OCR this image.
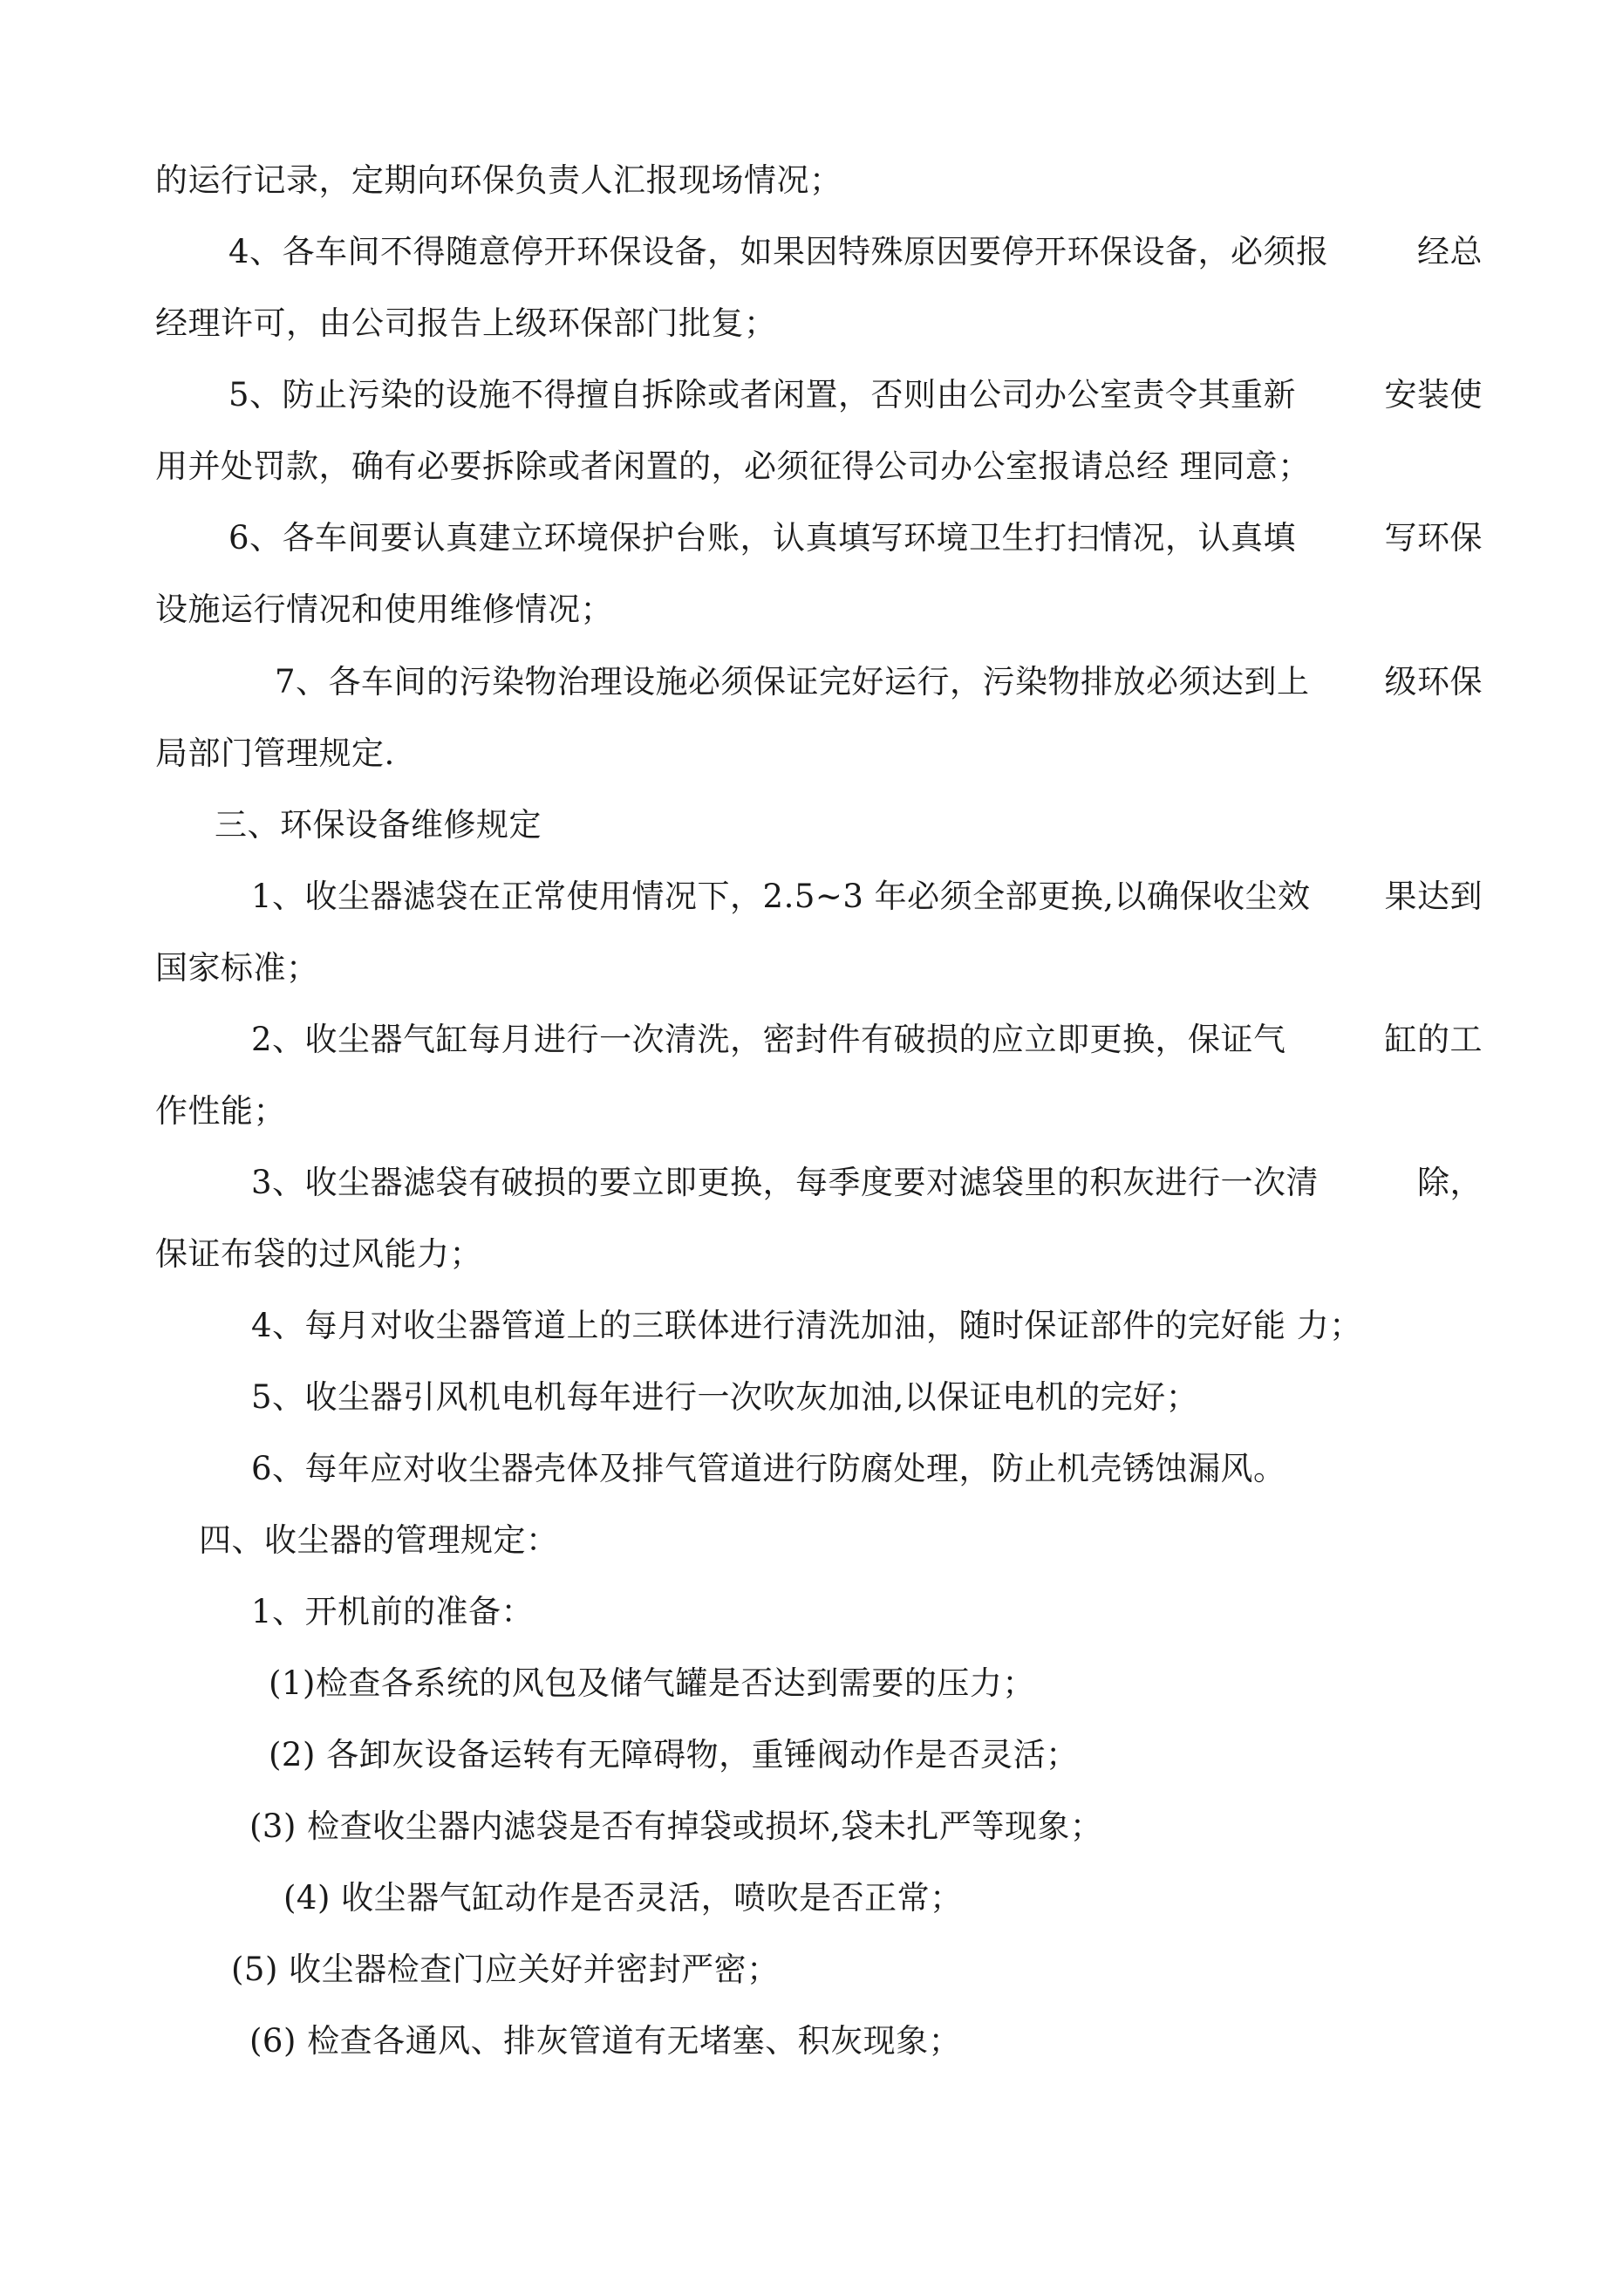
的运行记录，定期向环保负责人汇报现场情况；
4、各车间不得随意停开环保设备，如果因特殊原因要停开环保设备，必须报	经总
经理许可，由公司报告上级环保部门批复；
5、防止污染的设施不得擅自拆除或者闲置，否则由公司办公室责令其重新	安装使
用并处罚款，确有必要拆除或者闲置的，必须征得公司办公室报请总经 理同意；
6、各车间要认真建立环境保护台账，认真填写环境卫生打扫情况，认真填	写环保
设施运行情况和使用维修情况；
7、各车间的污染物治理设施必须保证完好运行，污染物排放必须达到上 级环保
局部门管理规定.
三、环保设备维修规定
1、收尘器滤袋在正常使用情况下，2.5~3 年必须全部更换,以确保收尘效 果达到
国家标准；
2、收尘器气缸每月进行一次清洗，密封件有破损的应立即更换，保证气	缸的工
作性能；
3、收尘器滤袋有破损的要立即更换，每季度要对滤袋里的积灰进行一次清	除，
保证布袋的过风能力；
4、每月对收尘器管道上的三联体进行清洗加油，随时保证部件的完好能 力；
5、收尘器引风机电机每年进行一次吹灰加油,以保证电机的完好；
6、每年应对收尘器壳体及排气管道进行防腐处理，防止机壳锈蚀漏风。
四、收尘器的管理规定：
1、开机前的准备：
(1)检查各系统的风包及储气罐是否达到需要的压力；
(2) 各卸灰设备运转有无障碍物，重锤阀动作是否灵活；
(3) 检查收尘器内滤袋是否有掉袋或损坏,袋未扎严等现象；
(4) 收尘器气缸动作是否灵活，喷吹是否正常；
(5) 收尘器检查门应关好并密封严密；
(6) 检查各通风、排灰管道有无堵塞、积灰现象；
